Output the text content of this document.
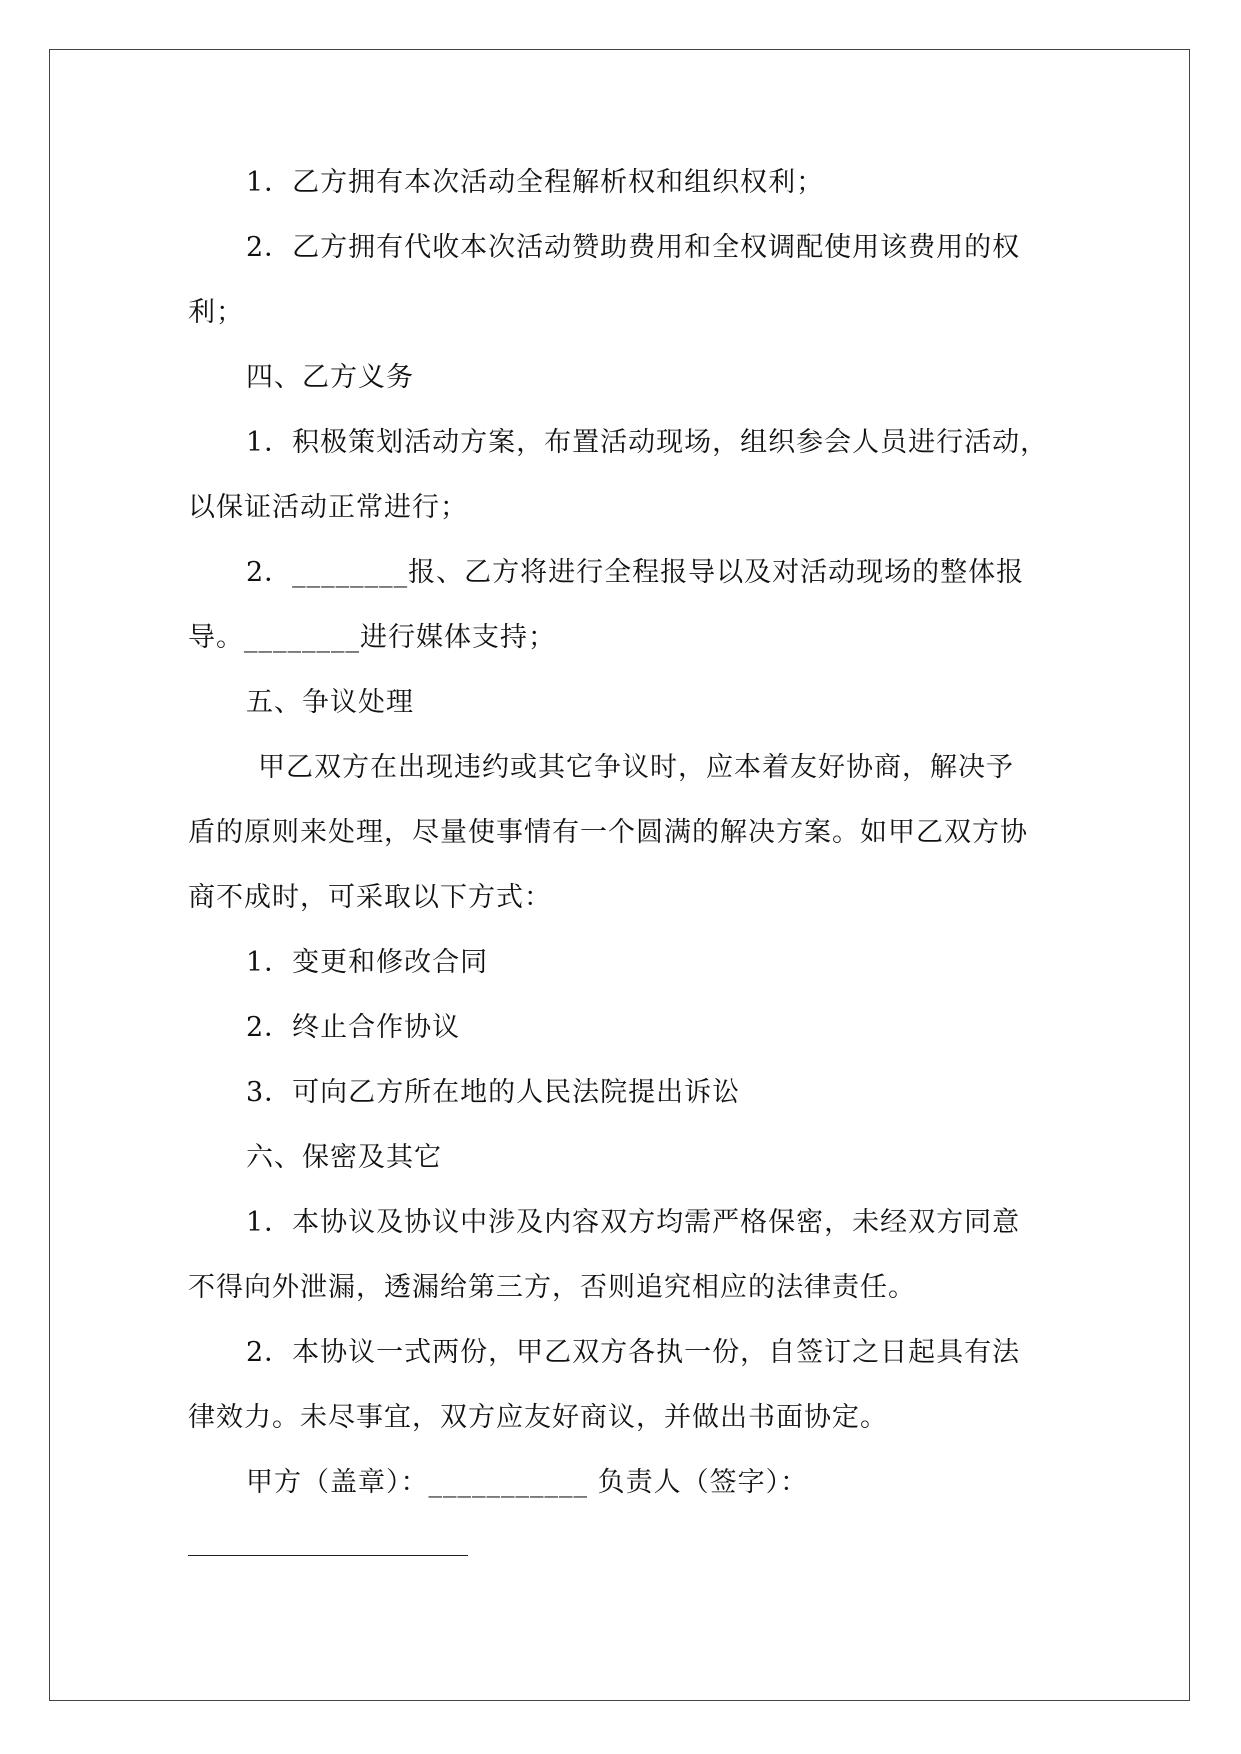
1．乙方拥有本次活动全程解析权和组织权利；
2．乙方拥有代收本次活动赞助费用和全权调配使用该费用的权
利；
四、乙方义务
1．积极策划活动方案，布置活动现场，组织参会人员进行活动，
以保证活动正常进行；
2．________报、乙方将进行全程报导以及对活动现场的整体报
导。________进行媒体支持；
五、争议处理
甲乙双方在出现违约或其它争议时，应本着友好协商，解决予
盾的原则来处理，尽量使事情有一个圆满的解决方案。如甲乙双方协
商不成时，可采取以下方式：
1．变更和修改合同
2．终止合作协议
3．可向乙方所在地的人民法院提出诉讼
六、保密及其它
1．本协议及协议中涉及内容双方均需严格保密，未经双方同意
不得向外泄漏，透漏给第三方，否则追究相应的法律责任。
2．本协议一式两份，甲乙双方各执一份，自签订之日起具有法
律效力。未尽事宜，双方应友好商议，并做出书面协定。
甲方（盖章）：___________ 负责人（签字）：
